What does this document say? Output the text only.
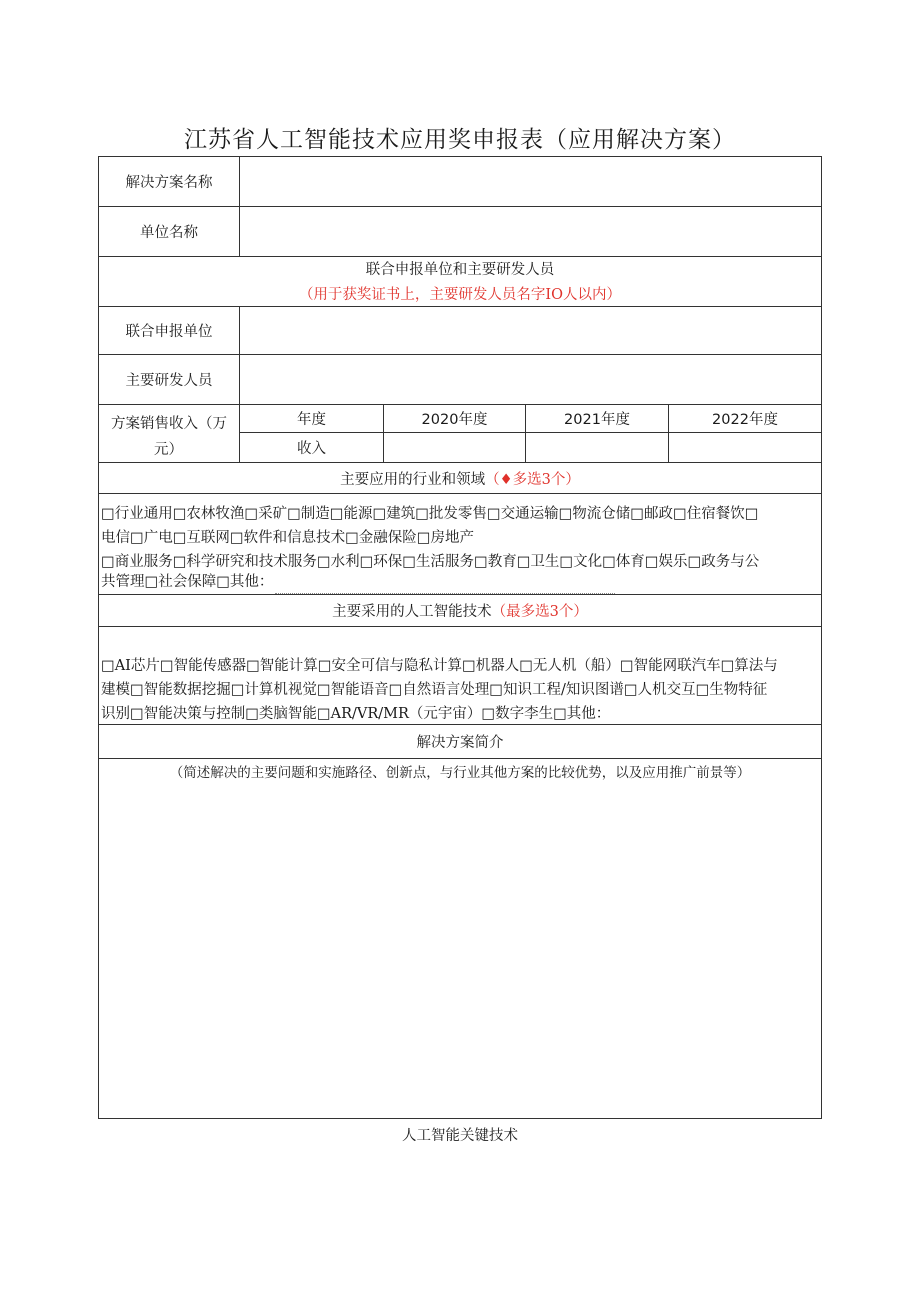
江苏省人工智能技术应用奖申报表（应用解决方案）
解决方案名称
单位名称
联合申报单位和主要研发人员
（用于获奖证书上，主要研发人员名字IO人以内）
联合申报单位
主要研发人员
方案销售收入（万
元）
年度	2020年度	2021年度	2022年度
收入
主要应用的行业和领域 （♦多选3个）
□行业通用□农林牧渔□采矿□制造□能源□建筑□批发零售□交通运输□物流仓储□邮政□住宿餐饮□
电信□广电□互联网□软件和信息技术□金融保险□房地产
□商业服务□科学研究和技术服务□水利□环保□生活服务□教育□卫生□文化□体育□娱乐□政务与公
共管理□社会保障□其他：
主要采用的人工智能技术 （最多选3个）
□AI芯片□智能传感器□智能计算□安全可信与隐私计算□机器人□无人机（船）□智能网联汽车□算法与
建模□智能数据挖掘□计算机视觉□智能语音□自然语言处理□知识工程/知识图谱□人机交互□生物特征
识别□智能决策与控制□类脑智能□AR/VR/MR（元宇宙）□数字李生□其他：
解决方案简介
（简述解决的主要问题和实施路径、创新点，与行业其他方案的比较优势，以及应用推广前景等）
人工智能关键技术
